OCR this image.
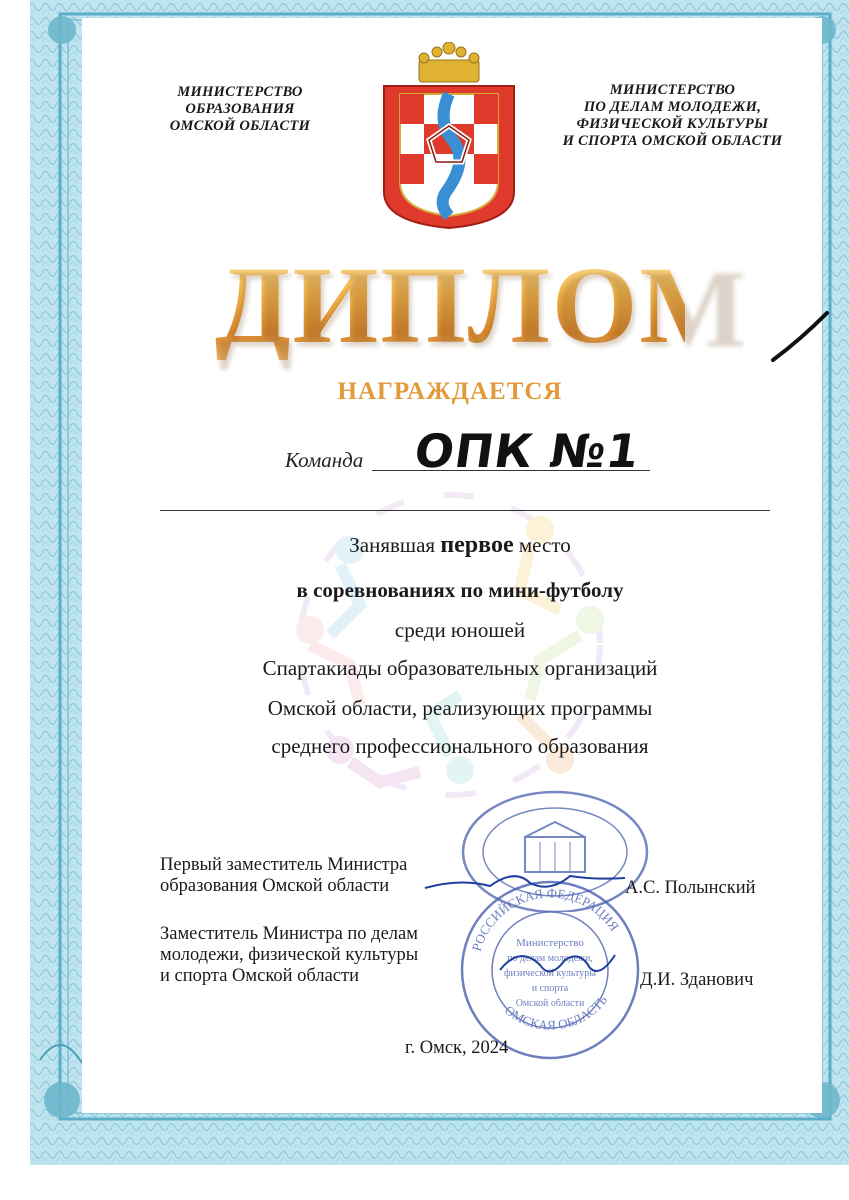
МИНИСТЕРСТВО
ОБРАЗОВАНИЯ
ОМСКОЙ ОБЛАСТИ
МИНИСТЕРСТВО
ПО ДЕЛАМ МОЛОДЕЖИ,
ФИЗИЧЕСКОЙ КУЛЬТУРЫ
И СПОРТА ОМСКОЙ ОБЛАСТИ
ДИПЛОМ
НАГРАЖДАЕТСЯ
Команда ОПК №1
Занявшая первое место
в соревнованиях по мини-футболу
среди юношей
Спартакиады образовательных организаций
Омской области, реализующих программы
среднего профессионального образования
РОССИЙСКАЯ ФЕДЕРАЦИЯ
ОМСКАЯ ОБЛАСТЬ
Министерство
по делам молодежи,
физической культуры
и спорта
Омской области
Первый заместитель Министра
образования Омской области	А.С. Полынский
Заместитель Министра по делам
молодежи, физической культуры
и спорта Омской области	Д.И. Зданович
г. Омск, 2024
